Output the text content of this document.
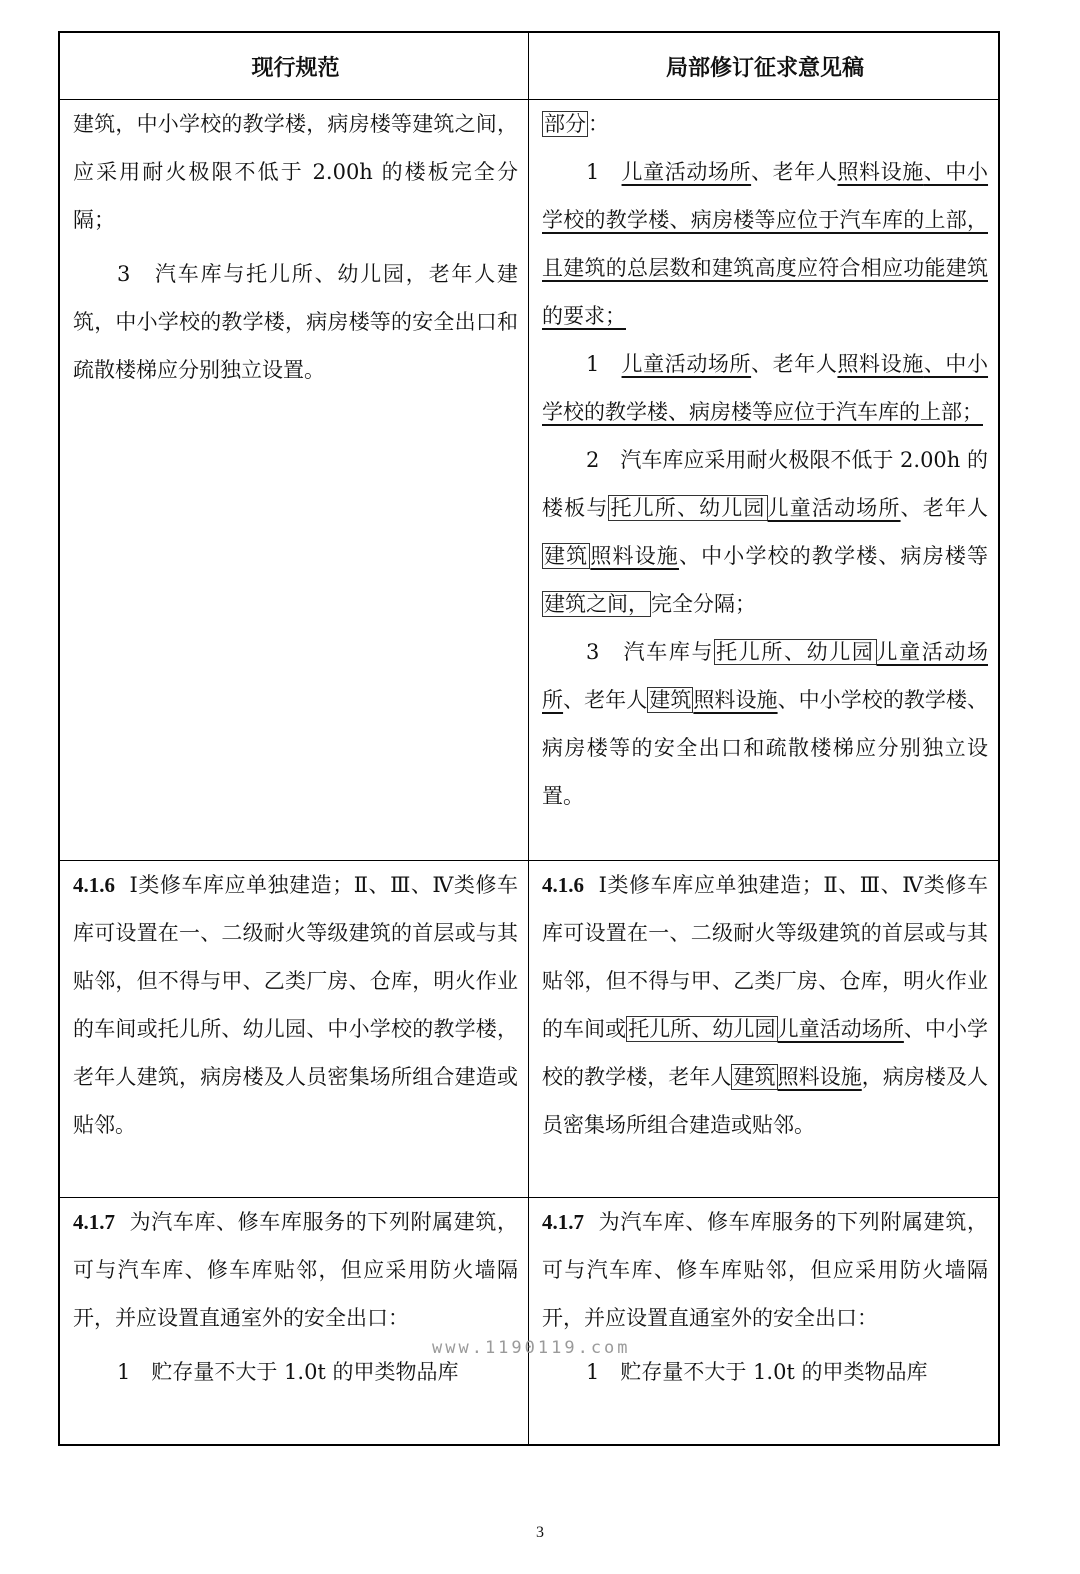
现行规范	局部修订征求意见稿

建筑，中小学校的教学楼，病房楼等建筑之间，应采用耐火极限不低于 2.00h 的楼板完全分隔；

3　汽车库与托儿所、幼儿园，老年人建筑，中小学校的教学楼，病房楼等的安全出口和疏散楼梯应分别独立设置。

部分：

1　儿童活动场所、老年人照料设施、中小学校的教学楼、病房楼等应位于汽车库的上部，且建筑的总层数和建筑高度应符合相应功能建筑的要求；

1　儿童活动场所、老年人照料设施、中小学校的教学楼、病房楼等应位于汽车库的上部；

2　汽车库应采用耐火极限不低于 2.00h 的楼板与托儿所、幼儿园儿童活动场所、老年人建筑照料设施、中小学校的教学楼、病房楼等建筑之间，完全分隔；

3　汽车库与托儿所、幼儿园儿童活动场所、老年人建筑照料设施、中小学校的教学楼、病房楼等的安全出口和疏散楼梯应分别独立设置。

4.1.6 Ⅰ类修车库应单独建造；Ⅱ、Ⅲ、Ⅳ类修车库可设置在一、二级耐火等级建筑的首层或与其贴邻，但不得与甲、乙类厂房、仓库，明火作业的车间或托儿所、幼儿园、中小学校的教学楼，老年人建筑，病房楼及人员密集场所组合建造或贴邻。

4.1.6 Ⅰ类修车库应单独建造；Ⅱ、Ⅲ、Ⅳ类修车库可设置在一、二级耐火等级建筑的首层或与其贴邻，但不得与甲、乙类厂房、仓库，明火作业的车间或托儿所、幼儿园儿童活动场所、中小学校的教学楼，老年人建筑照料设施，病房楼及人员密集场所组合建造或贴邻。

4.1.7 为汽车库、修车库服务的下列附属建筑，可与汽车库、修车库贴邻，但应采用防火墙隔开，并应设置直通室外的安全出口：

1　贮存量不大于 1.0t 的甲类物品库

4.1.7 为汽车库、修车库服务的下列附属建筑，可与汽车库、修车库贴邻，但应采用防火墙隔开，并应设置直通室外的安全出口：

1　贮存量不大于 1.0t 的甲类物品库

www.1190119.com
3
